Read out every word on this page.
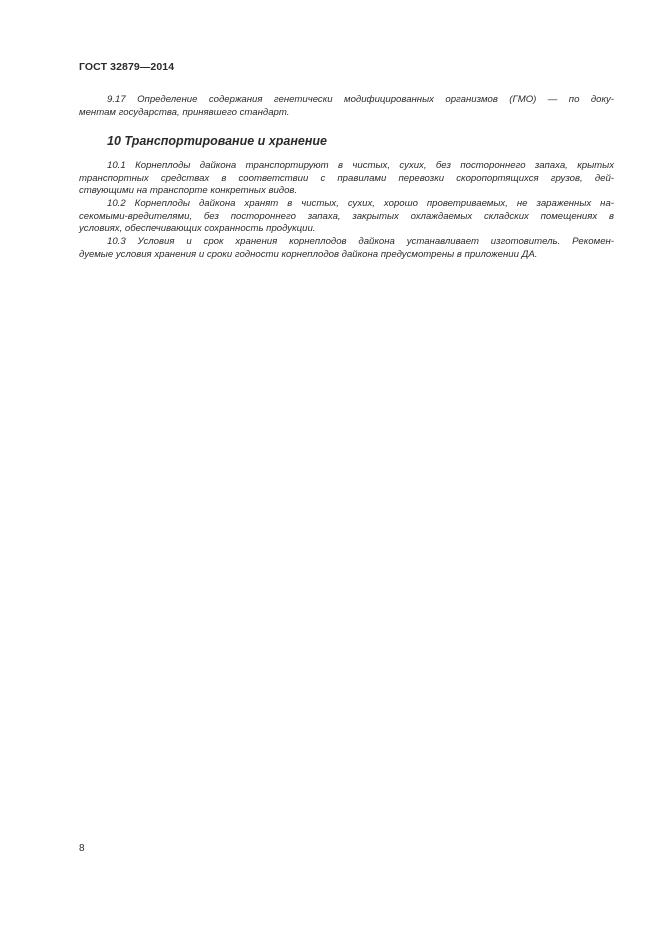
ГОСТ 32879—2014
9.17 Определение содержания генетически модифицированных организмов (ГМО) — по доку-
ментам государства, принявшего стандарт.
10 Транспортирование и хранение
10.1 Корнеплоды дайкона транспортируют в чистых, сухих, без постороннего запаха, крытых
транспортных средствах в соответствии с правилами перевозки скоропортящихся грузов, дей-
ствующими на транспорте конкретных видов.
10.2 Корнеплоды дайкона хранят в чистых, сухих, хорошо проветриваемых, не зараженных на-
секомыми-вредителями, без постороннего запаха, закрытых охлаждаемых складских помещениях в
условиях, обеспечивающих сохранность продукции.
10.3 Условия и срок хранения корнеплодов дайкона устанавливает изготовитель. Рекомен-
дуемые условия хранения и сроки годности корнеплодов дайкона предусмотрены в приложении ДА.
8
